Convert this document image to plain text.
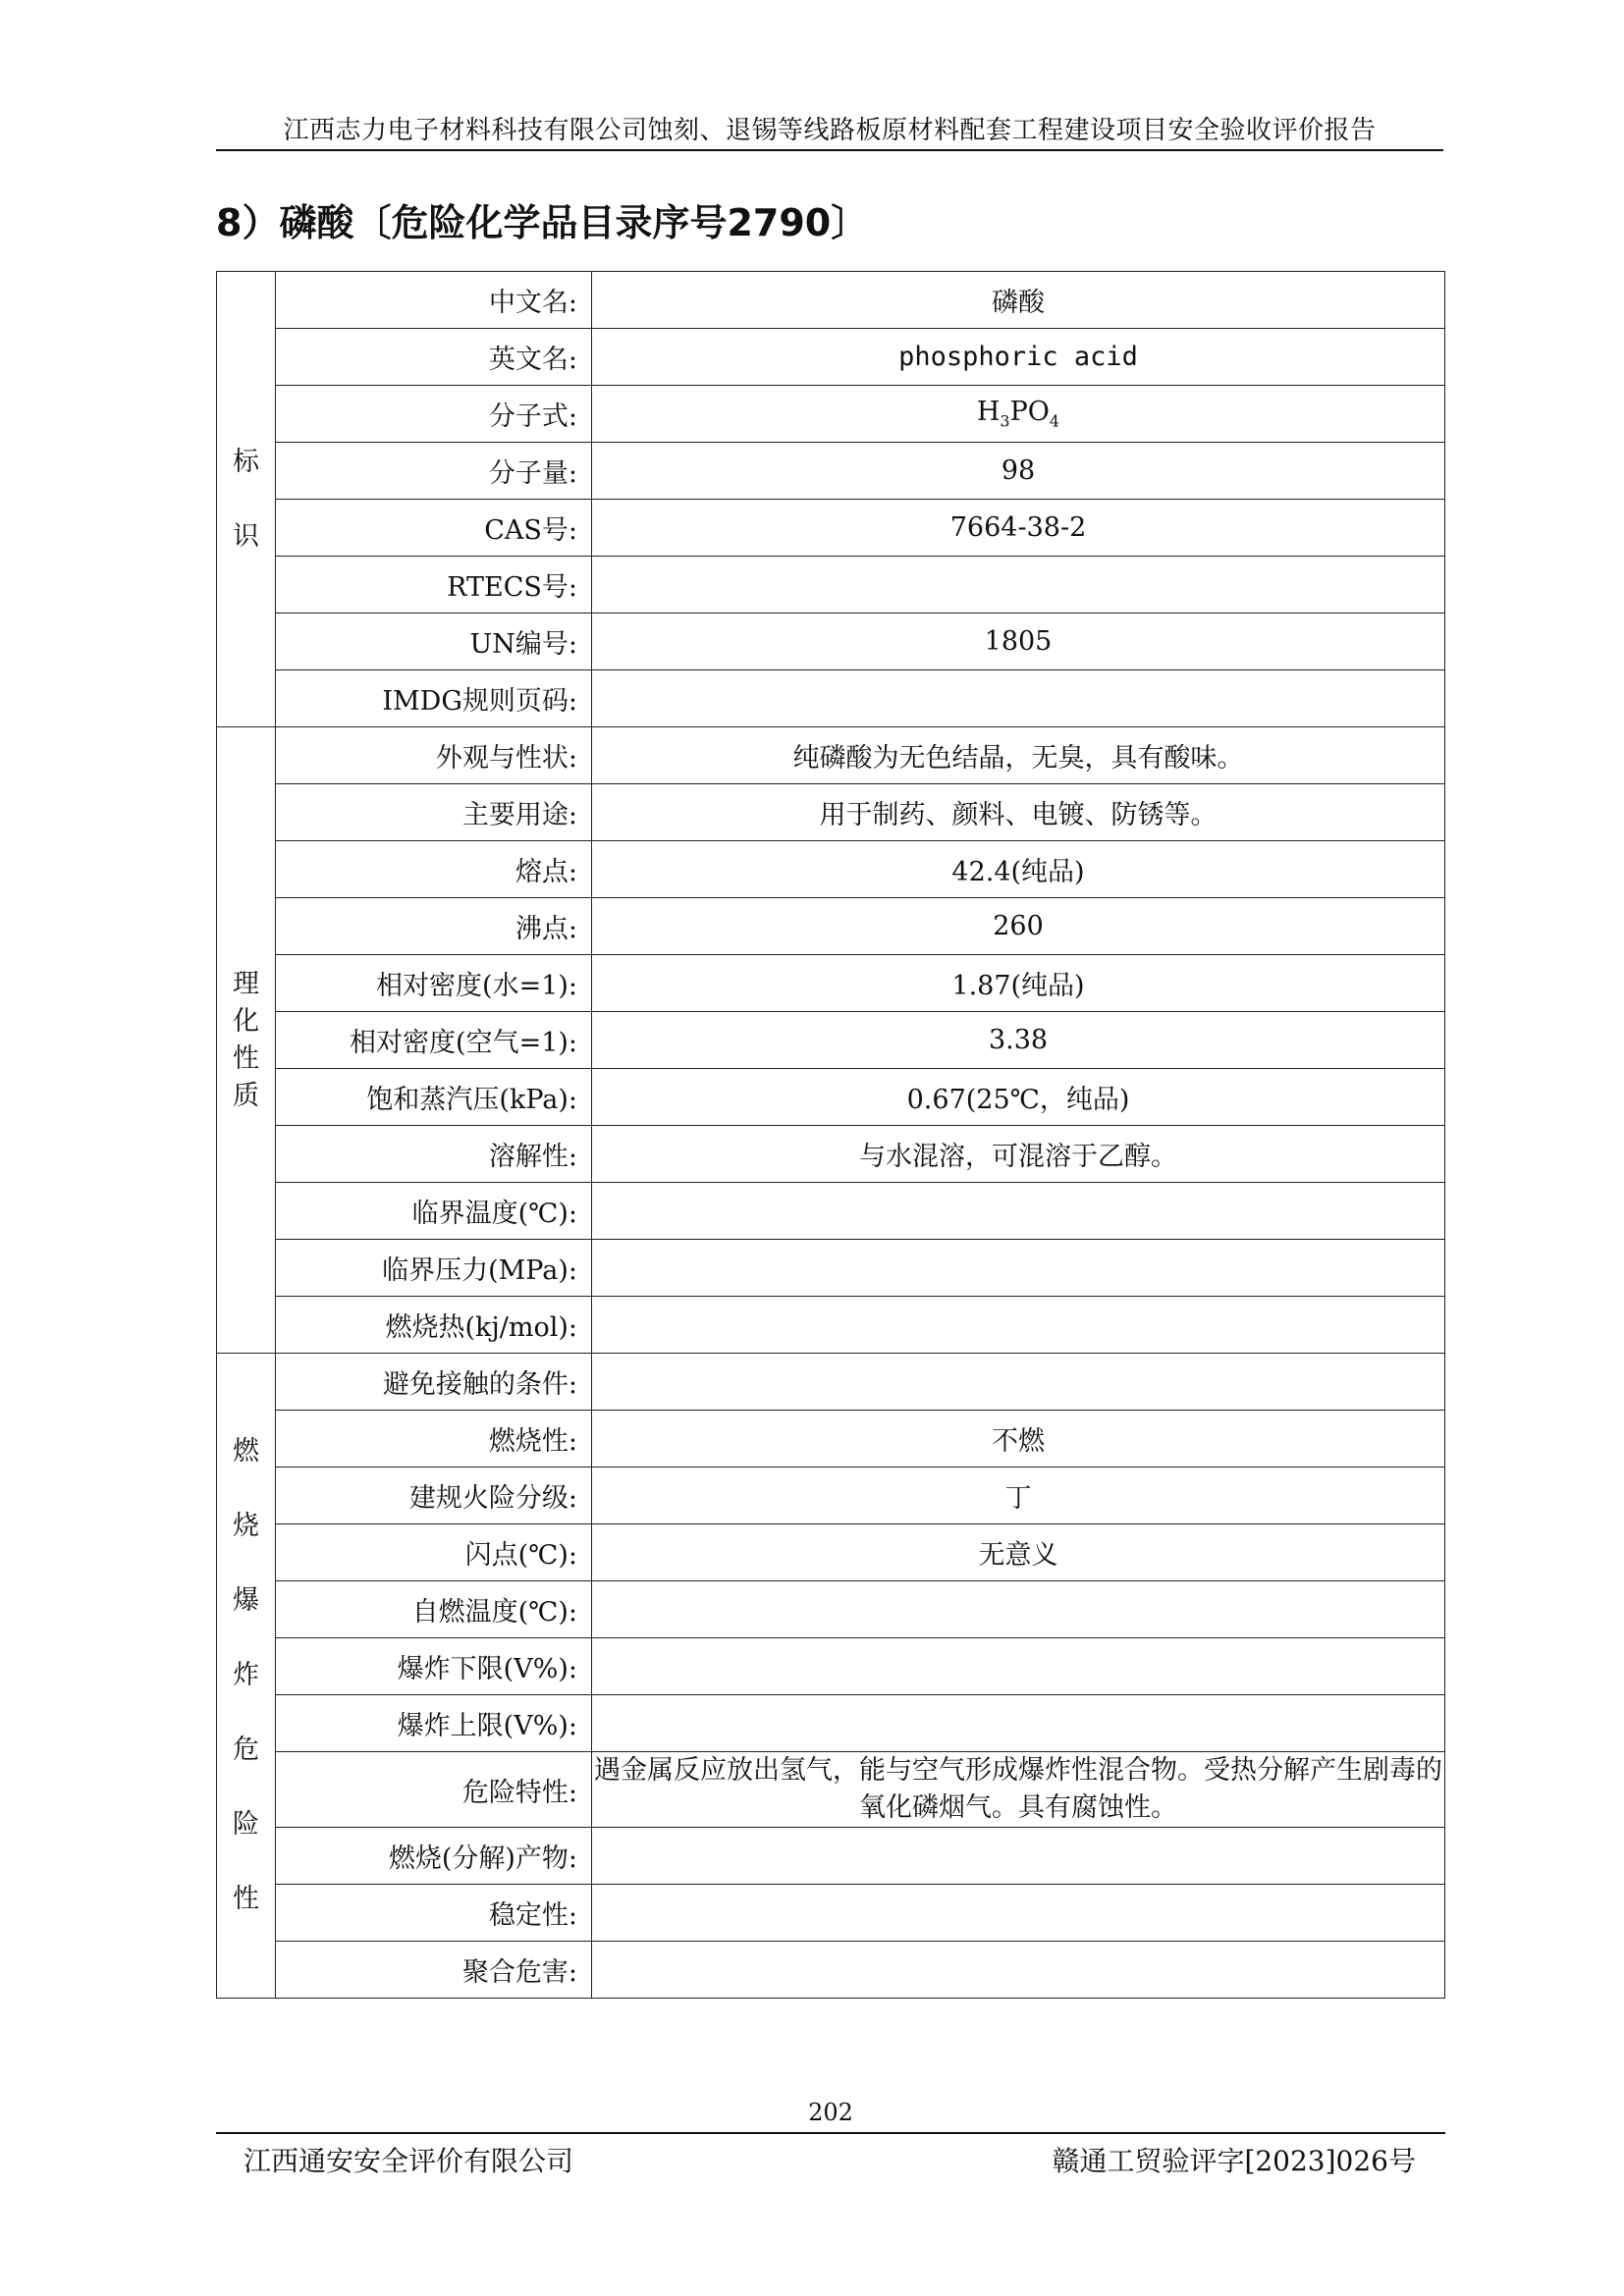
江西志力电子材料科技有限公司蚀刻、退锡等线路板原材料配套工程建设项目安全验收评价报告
8）磷酸〔危险化学品目录序号2790〕
标识	中文名:	磷酸
	英文名:	phosphoric acid
	分子式:	$H_3PO_4$
	分子量:	98
	CAS号:	7664-38-2
	RTECS号:	
	UN编号:	1805
	IMDG规则页码:	
理化性质	外观与性状:	纯磷酸为无色结晶，无臭，具有酸味。
	主要用途:	用于制药、颜料、电镀、防锈等。
	熔点:	42.4(纯品)
	沸点:	260
	相对密度(水=1):	1.87(纯品)
	相对密度(空气=1):	3.38
	饱和蒸汽压(kPa):	0.67(25℃，纯品)
	溶解性:	与水混溶，可混溶于乙醇。
	临界温度(℃):	
	临界压力(MPa):	
	燃烧热(kj/mol):	
燃烧爆炸危险性	避免接触的条件:	
	燃烧性:	不燃
	建规火险分级:	丁
	闪点(℃):	无意义
	自燃温度(℃):	
	爆炸下限(V%):	
	爆炸上限(V%):	
	危险特性:	遇金属反应放出氢气，能与空气形成爆炸性混合物。受热分解产生剧毒的氧化磷烟气。具有腐蚀性。
	燃烧(分解)产物:	
	稳定性:	
	聚合危害:	
202
江西通安安全评价有限公司	赣通工贸验评字[2023]026号
